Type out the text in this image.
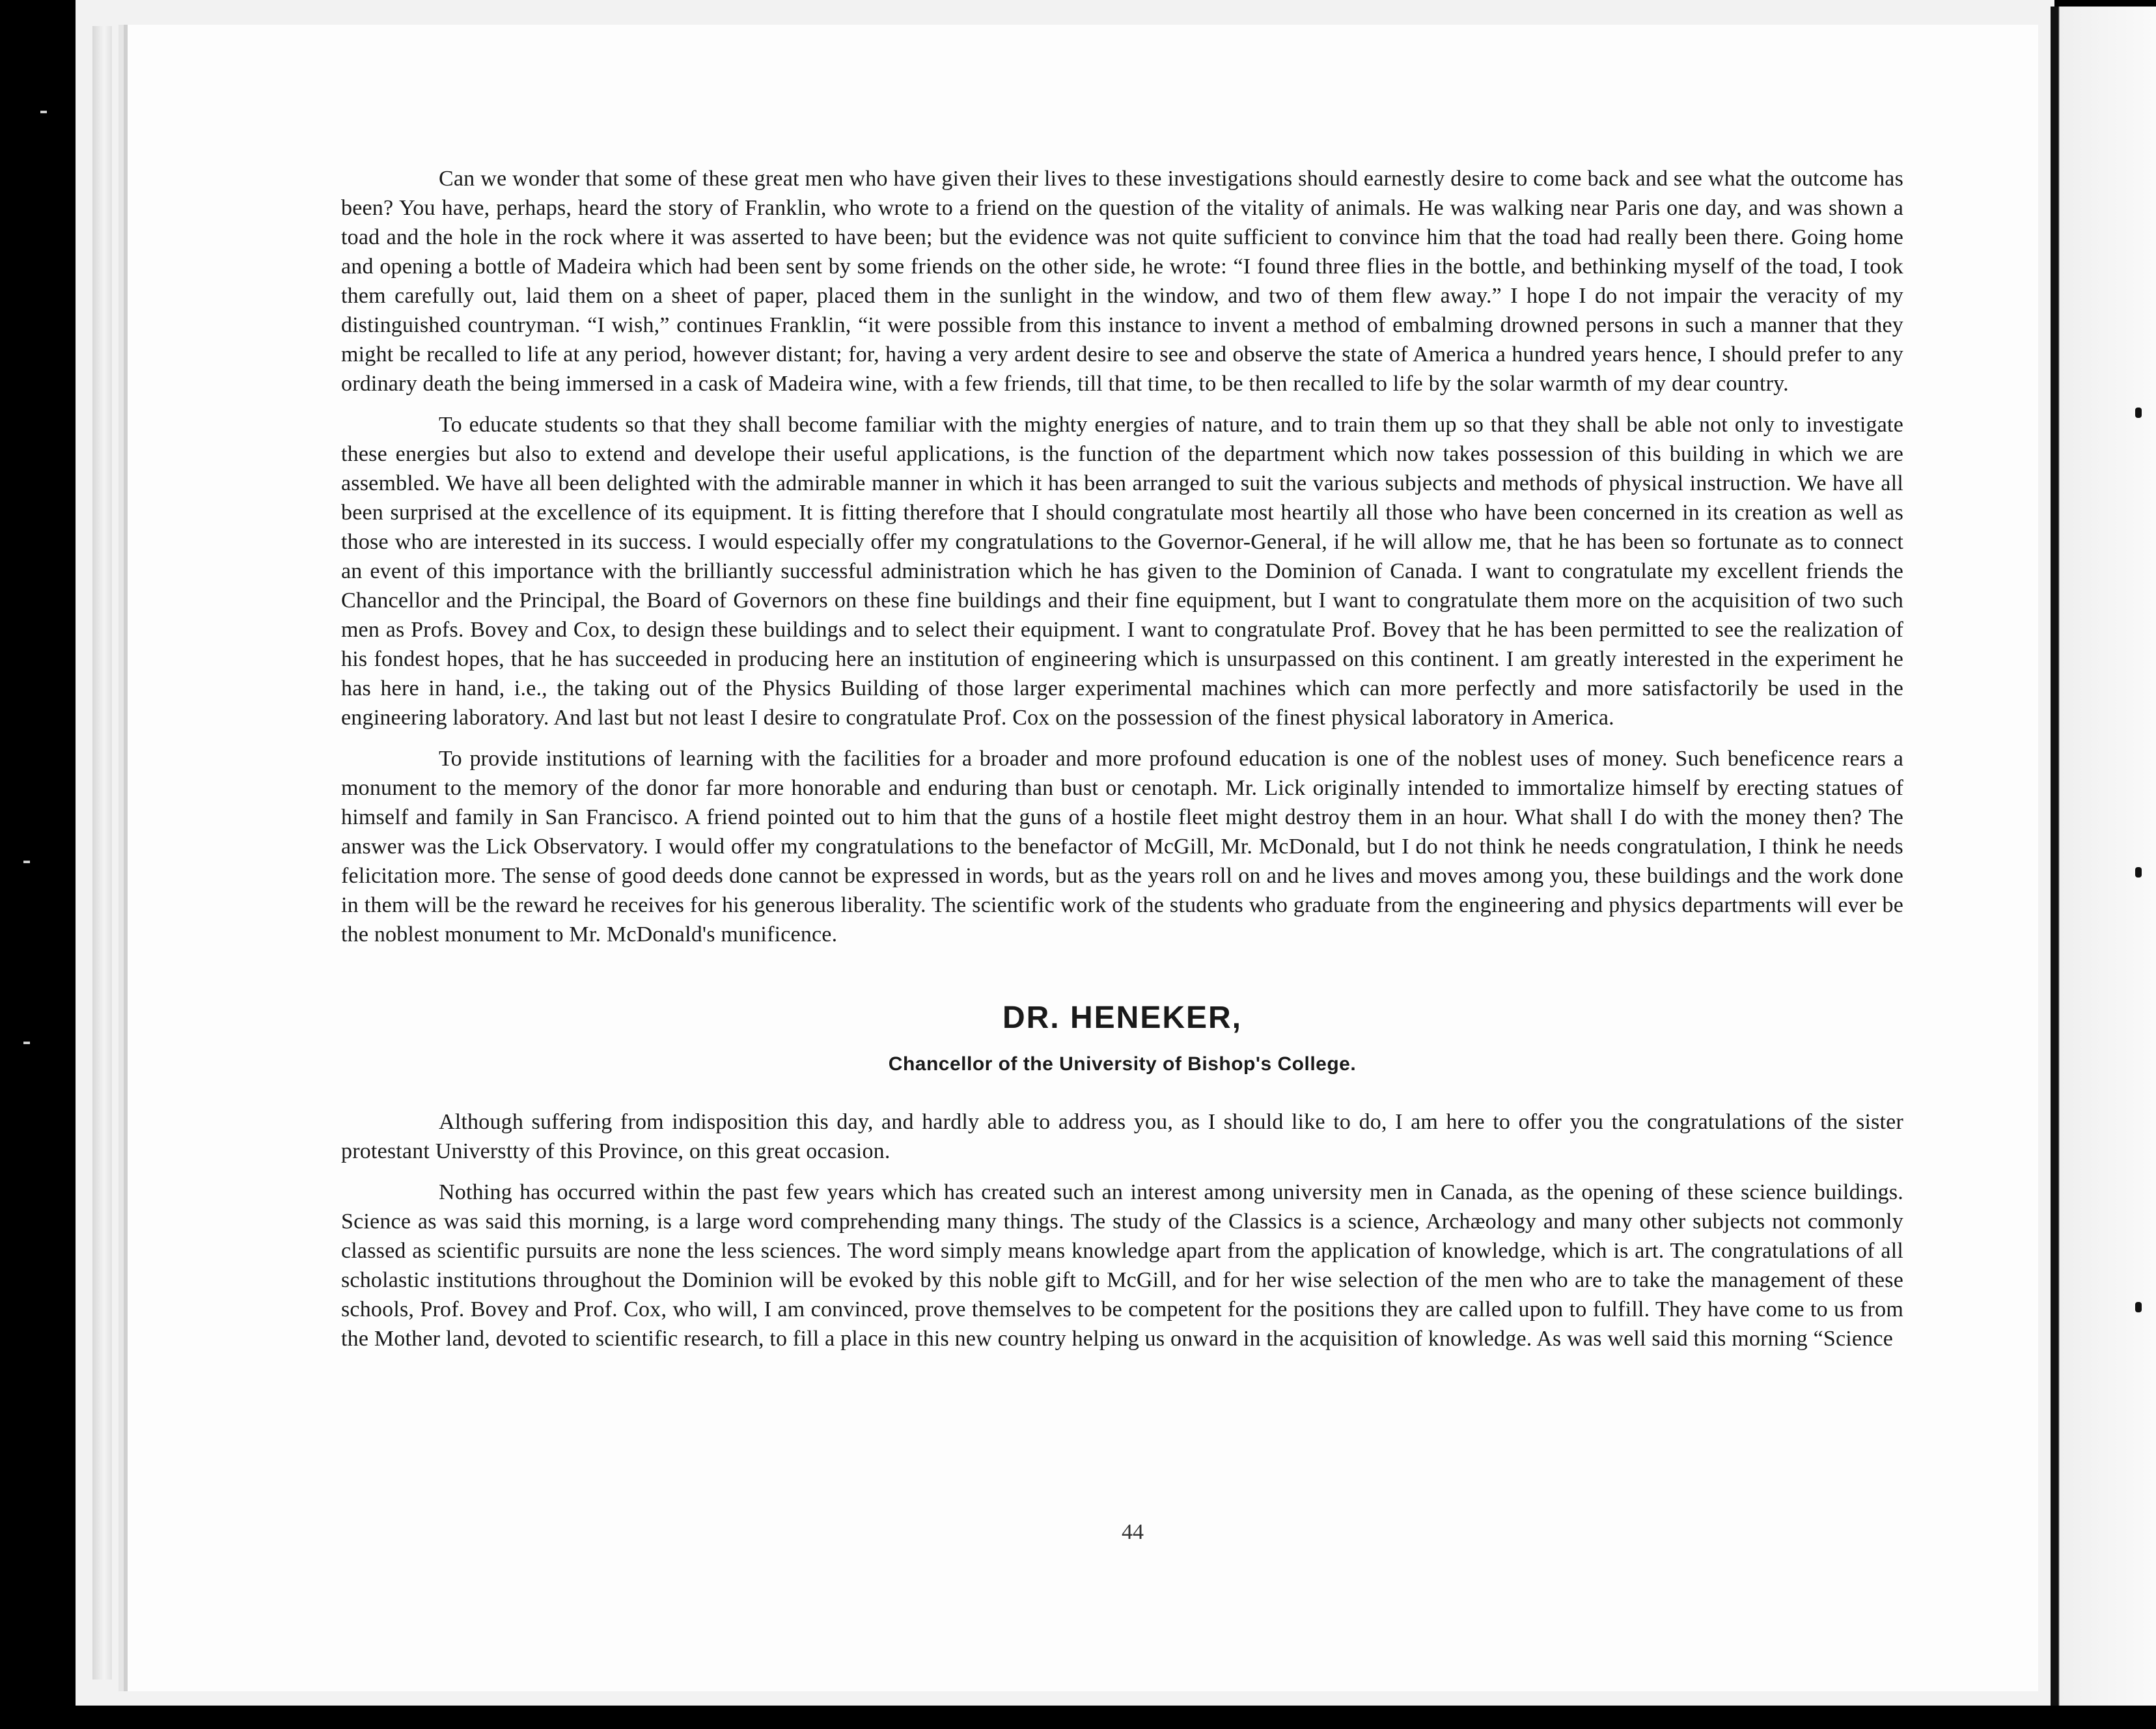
Can we wonder that some of these great men who have given their lives to these investigations should earnestly desire to come back and see what the outcome has been? You have, perhaps, heard the story of Franklin, who wrote to a friend on the question of the vitality of animals. He was walking near Paris one day, and was shown a toad and the hole in the rock where it was asserted to have been; but the evidence was not quite sufficient to convince him that the toad had really been there. Going home and opening a bottle of Madeira which had been sent by some friends on the other side, he wrote: “I found three flies in the bottle, and bethinking myself of the toad, I took them carefully out, laid them on a sheet of paper, placed them in the sunlight in the window, and two of them flew away.” I hope I do not impair the veracity of my distinguished countryman. “I wish,” continues Franklin, “it were possible from this instance to invent a method of embalming drowned persons in such a manner that they might be recalled to life at any period, however distant; for, having a very ardent desire to see and observe the state of America a hundred years hence, I should prefer to any ordinary death the being immersed in a cask of Madeira wine, with a few friends, till that time, to be then recalled to life by the solar warmth of my dear country.

To educate students so that they shall become familiar with the mighty energies of nature, and to train them up so that they shall be able not only to investigate these energies but also to extend and develope their useful applications, is the function of the department which now takes possession of this building in which we are assembled. We have all been delighted with the admirable manner in which it has been arranged to suit the various subjects and methods of physical instruction. We have all been surprised at the excellence of its equipment. It is fitting therefore that I should congratulate most heartily all those who have been concerned in its creation as well as those who are interested in its success. I would especially offer my congratulations to the Governor-General, if he will allow me, that he has been so fortunate as to connect an event of this importance with the brilliantly successful administration which he has given to the Dominion of Canada. I want to congratulate my excellent friends the Chancellor and the Principal, the Board of Governors on these fine buildings and their fine equipment, but I want to congratulate them more on the acquisition of two such men as Profs. Bovey and Cox, to design these buildings and to select their equipment. I want to congratulate Prof. Bovey that he has been permitted to see the realization of his fondest hopes, that he has succeeded in producing here an institution of engineering which is unsurpassed on this continent. I am greatly interested in the experiment he has here in hand, i.e., the taking out of the Physics Building of those larger experimental machines which can more perfectly and more satisfactorily be used in the engineering laboratory. And last but not least I desire to congratulate Prof. Cox on the possession of the finest physical laboratory in America.

To provide institutions of learning with the facilities for a broader and more profound education is one of the noblest uses of money. Such beneficence rears a monument to the memory of the donor far more honorable and enduring than bust or cenotaph. Mr. Lick originally intended to immortalize himself by erecting statues of himself and family in San Francisco. A friend pointed out to him that the guns of a hostile fleet might destroy them in an hour. What shall I do with the money then? The answer was the Lick Observatory. I would offer my congratulations to the benefactor of McGill, Mr. McDonald, but I do not think he needs congratulation, I think he needs felicitation more. The sense of good deeds done cannot be expressed in words, but as the years roll on and he lives and moves among you, these buildings and the work done in them will be the reward he receives for his generous liberality. The scientific work of the students who graduate from the engineering and physics departments will ever be the noblest monument to Mr. McDonald's munificence.

DR. HENEKER,
Chancellor of the University of Bishop's College.

Although suffering from indisposition this day, and hardly able to address you, as I should like to do, I am here to offer you the congratulations of the sister protestant Universtty of this Province, on this great occasion.

Nothing has occurred within the past few years which has created such an interest among university men in Canada, as the opening of these science buildings. Science as was said this morning, is a large word comprehending many things. The study of the Classics is a science, Archæology and many other subjects not commonly classed as scientific pursuits are none the less sciences. The word simply means knowledge apart from the application of knowledge, which is art. The congratulations of all scholastic institutions throughout the Dominion will be evoked by this noble gift to McGill, and for her wise selection of the men who are to take the management of these schools, Prof. Bovey and Prof. Cox, who will, I am convinced, prove themselves to be competent for the positions they are called upon to fulfill. They have come to us from the Mother land, devoted to scientific research, to fill a place in this new country helping us onward in the acquisition of knowledge. As was well said this morning “Science

44
